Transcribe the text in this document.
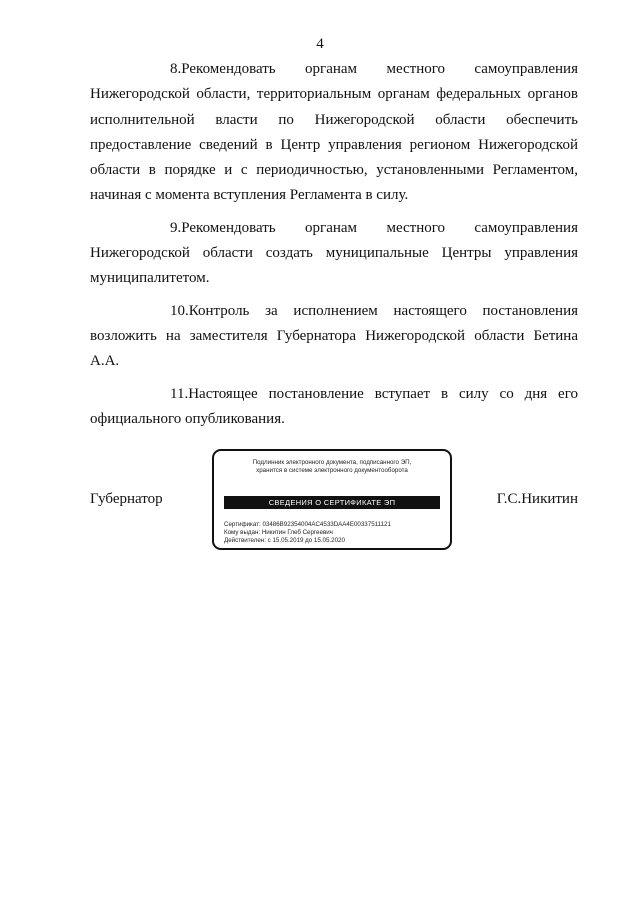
4

8.Рекомендовать органам местного самоуправления Нижегородской области, территориальным органам федеральных органов исполнительной власти по Нижегородской области обеспечить предоставление сведений в Центр управления регионом Нижегородской области в порядке и с периодичностью, установленными Регламентом, начиная с момента вступления Регламента в силу.

9.Рекомендовать органам местного самоуправления Нижегородской области создать муниципальные Центры управления муниципалитетом.

10.Контроль за исполнением настоящего постановления возложить на заместителя Губернатора Нижегородской области Бетина А.А.

11.Настоящее постановление вступает в силу со дня его официального опубликования.

Губернатор
Подлинник электронного документа, подписанного ЭП,
хранится в системе электронного документооборота
СВЕДЕНИЯ О СЕРТИФИКАТЕ ЭП
Сертификат: 03486B92354004AC4533DAA4E00337511121
Кому выдан: Никитин Глеб Сергеевич
Действителен: с 15.05.2019 до 15.05.2020
Г.С.Никитин
